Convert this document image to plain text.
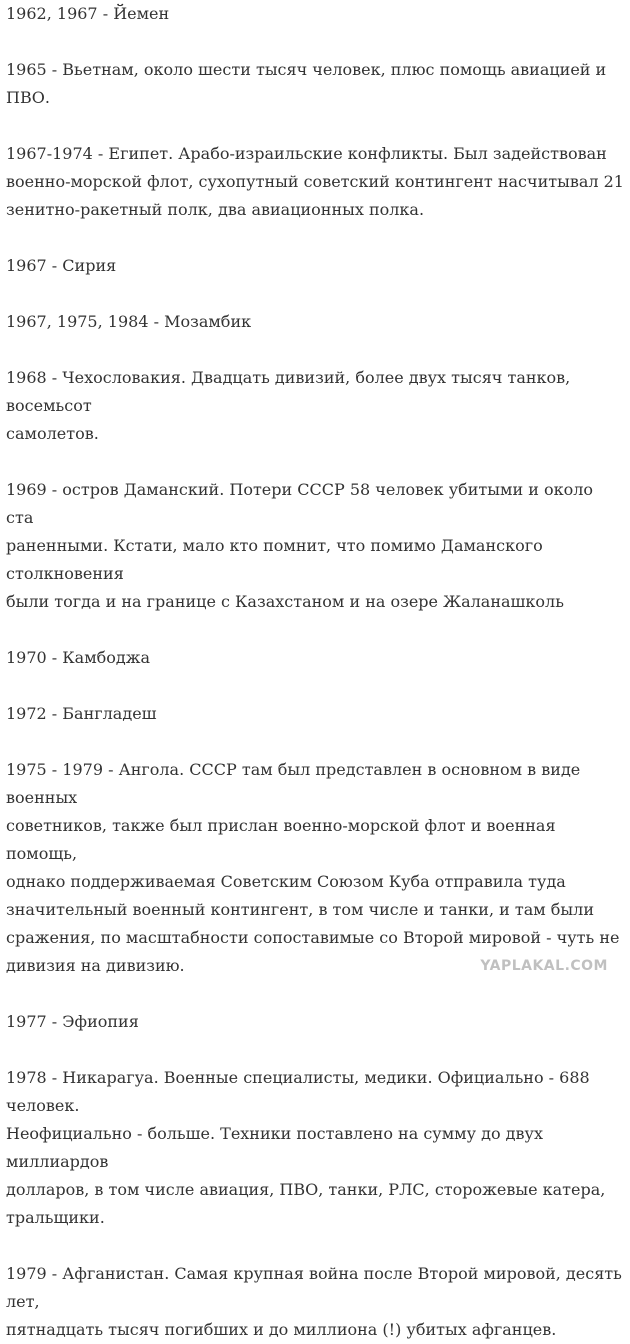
1962, 1967 - Йемен

1965 - Вьетнам, около шести тысяч человек, плюс помощь авиацией и ПВО.

1967-1974 - Египет. Арабо-израильские конфликты. Был задействован
военно-морской флот, сухопутный советский контингент насчитывал 21
зенитно-ракетный полк, два авиационных полка.

1967 - Сирия

1967, 1975, 1984 - Мозамбик

1968 - Чехословакия. Двадцать дивизий, более двух тысяч танков, восемьсот
самолетов.

1969 - остров Даманский. Потери СССР 58 человек убитыми и около ста
раненными. Кстати, мало кто помнит, что помимо Даманского столкновения
были тогда и на границе с Казахстаном и на озере Жаланашколь

1970 - Камбоджа

1972 - Бангладеш

1975 - 1979 - Ангола. СССР там был представлен в основном в виде военных
советников, также был прислан военно-морской флот и военная помощь,
однако поддерживаемая Советским Союзом Куба отправила туда
значительный военный контингент, в том числе и танки, и там были
сражения, по масштабности сопоставимые со Второй мировой - чуть не
дивизия на дивизию.

1977 - Эфиопия

1978 - Никарагуа. Военные специалисты, медики. Официально - 688 человек.
Неофициально - больше. Техники поставлено на сумму до двух миллиардов
долларов, в том числе авиация, ПВО, танки, РЛС, сторожевые катера,
тральщики.

1979 - Афганистан. Самая крупная война после Второй мировой, десять лет,
пятнадцать тысяч погибших и до миллиона (!) убитых афганцев.

YAPLAKAL.COM
